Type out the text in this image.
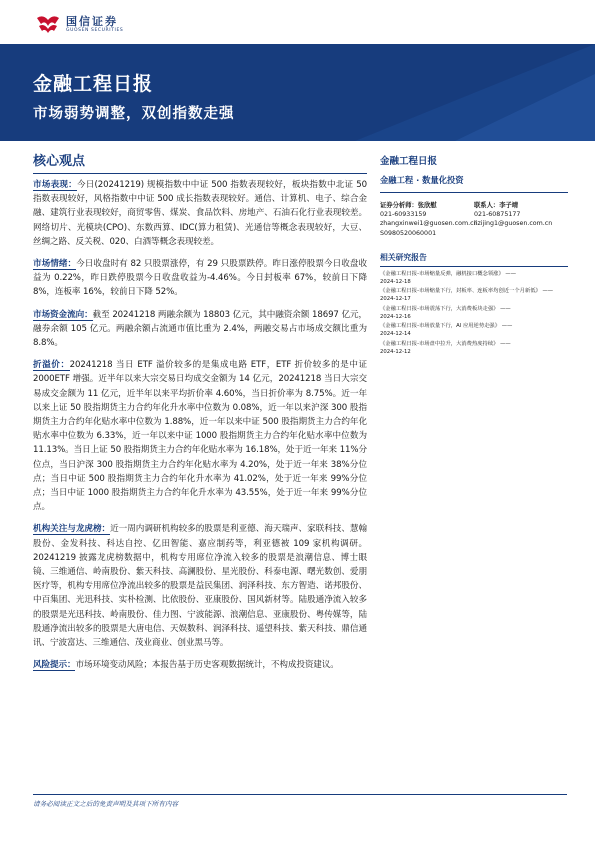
国信证券
GUOSEN SECURITIES
金融工程日报
市场弱势调整，双创指数走强
核心观点

市场表现：今日(20241219) 规模指数中中证 500 指数表现较好，板块指数中北证 50 指数表现较好，风格指数中中证 500 成长指数表现较好。通信、计算机、电子、综合金融、建筑行业表现较好，商贸零售、煤炭、食品饮料、房地产、石油石化行业表现较差。网络切片、光模块(CPO)、东数西算、IDC(算力租赁)、光通信等概念表现较好，大豆、丝绸之路、反关税、020、白酒等概念表现较差。

市场情绪：今日收盘时有 82 只股票涨停，有 29 只股票跌停。昨日涨停股票今日收盘收益为 0.22%，昨日跌停股票今日收盘收益为-4.46%。今日封板率 67%，较前日下降 8%，连板率 16%，较前日下降 52%。

市场资金流向：截至 20241218 两融余额为 18803 亿元，其中融资余额 18697 亿元，融券余额 105 亿元。两融余额占流通市值比重为 2.4%，两融交易占市场成交额比重为 8.8%。

折溢价：20241218 当日 ETF 溢价较多的是集成电路 ETF，ETF 折价较多的是中证 2000ETF 增强。近半年以来大宗交易日均成交金额为 14 亿元，20241218 当日大宗交易成交金额为 11 亿元，近半年以来平均折价率 4.60%，当日折价率为 8.75%。近一年以来上证 50 股指期货主力合约年化升水率中位数为 0.08%，近一年以来沪深 300 股指期货主力合约年化贴水率中位数为 1.88%，近一年以来中证 500 股指期货主力合约年化贴水率中位数为 6.33%，近一年以来中证 1000 股指期货主力合约年化贴水率中位数为 11.13%。当日上证 50 股指期货主力合约年化贴水率为 16.18%，处于近一年来 11%分位点，当日沪深 300 股指期货主力合约年化贴水率为 4.20%，处于近一年来 38%分位点；当日中证 500 股指期货主力合约年化升水率为 41.02%，处于近一年来 99%分位点；当日中证 1000 股指期货主力合约年化升水率为 43.55%，处于近一年来 99%分位点。

机构关注与龙虎榜：近一周内调研机构较多的股票是利亚德、海天瑞声、家联科技、慧翰股份、金发科技、科达自控、亿田智能、嘉应制药等，利亚德被 109 家机构调研。20241219 披露龙虎榜数据中，机构专用席位净流入较多的股票是浪潮信息、博士眼镜、三维通信、岭南股份、紫天科技、高澜股份、星光股份、科泰电源、曙光数创、爱朋医疗等，机构专用席位净流出较多的股票是益民集团、润泽科技、东方智造、诺邦股份、中百集团、光迅科技、实朴检测、比依股份、亚康股份、国风新材等。陆股通净流入较多的股票是光迅科技、岭南股份、佳力图、宁波能源、浪潮信息、亚康股份、粤传媒等，陆股通净流出较多的股票是大唐电信、天娱数科、润泽科技、遥望科技、紫天科技、鼎信通讯、宁波富达、三维通信、茂业商业、创业黑马等。

风险提示：市场环境变动风险；本报告基于历史客观数据统计，不构成投资建议。

金融工程日报
金融工程 · 数量化投资
证券分析师：张欣慰
021-60933159
zhangxinwei1@guosen.com.cn
S0980520060001
联系人：李子靖
021-60875177
lizijing1@guosen.com.cn
相关研究报告
《金融工程日报-市场缩量反弹，融机接口概念领涨》 ——
2024-12-18
《金融工程日报-市场缩量下行，封板率、连板率均创近一个月新低》 ——2024-12-17
《金融工程日报-市场震荡下行，大消费板块走强》 ——
2024-12-16
《金融工程日报-市场放量下行，AI 应用逆势走强》 ——
2024-12-14
《金融工程日报-市场盘中拉升，大消费热度持续》 ——
2024-12-12
请务必阅读正文之后的免责声明及其项下所有内容
